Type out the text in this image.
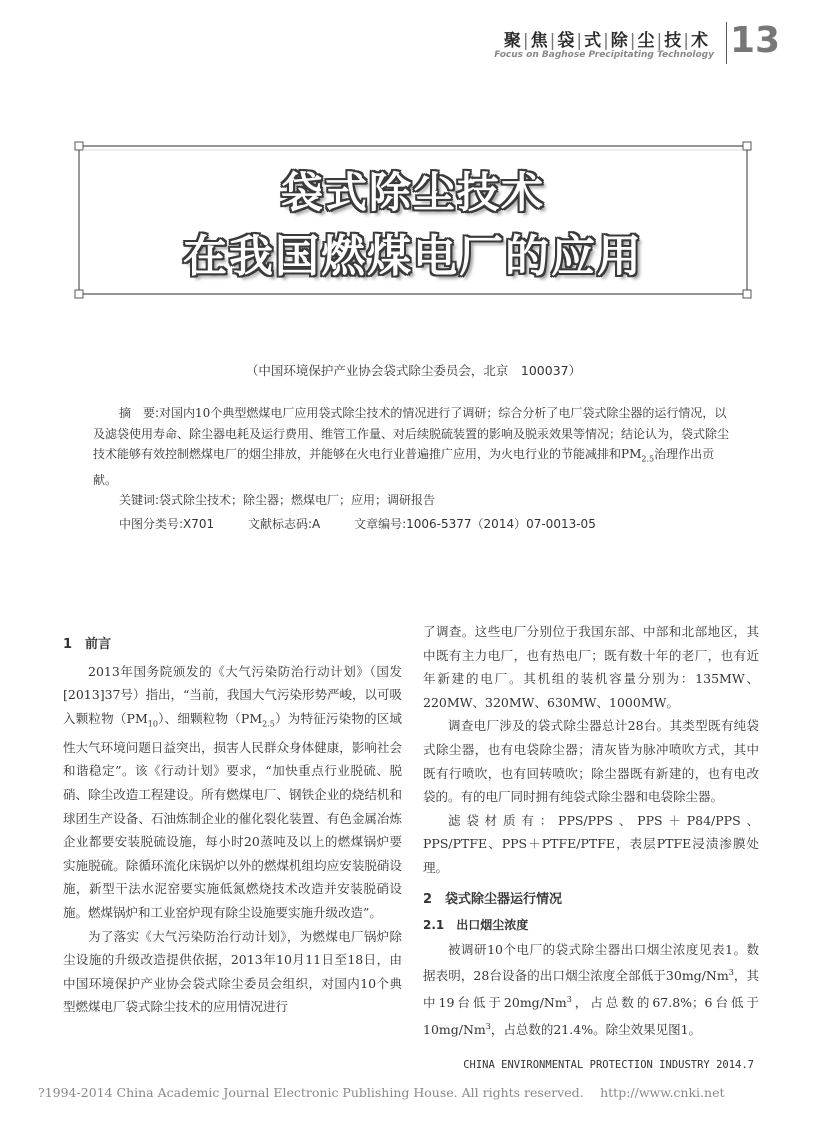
聚|焦|袋|式|除|尘|技|术
Focus on Baghose Precipitating Technology 13
袋式除尘技术
在我国燃煤电厂的应用
（中国环境保护产业协会袋式除尘委员会，北京　100037）

摘　要:对国内10个典型燃煤电厂应用袋式除尘技术的情况进行了调研；综合分析了电厂袋式除尘器的运行情况，以及滤袋使用寿命、除尘器电耗及运行费用、维管工作量、对后续脱硫装置的影响及脱汞效果等情况；结论认为，袋式除尘技术能够有效控制燃煤电厂的烟尘排放，并能够在火电行业普遍推广应用，为火电行业的节能减排和$PM_{2.5}$治理作出贡献。

关键词:袋式除尘技术；除尘器；燃煤电厂；应用；调研报告

中图分类号:X701	文献标志码:A	文章编号:1006-5377（2014）07-0013-05

1　前言

2013年国务院颁发的《大气污染防治行动计划》（国发[2013]37号）指出，“当前，我国大气污染形势严峻，以可吸入颗粒物$(PM_{10})$、细颗粒物$(PM_{2.5})$为特征污染物的区域性大气环境问题日益突出，损害人民群众身体健康，影响社会和谐稳定”。该《行动计划》要求，“加快重点行业脱硫、脱硝、除尘改造工程建设。所有燃煤电厂、钢铁企业的烧结机和球团生产设备、石油炼制企业的催化裂化装置、有色金属冶炼企业都要安装脱硫设施，每小时20蒸吨及以上的燃煤锅炉要实施脱硫。除循环流化床锅炉以外的燃煤机组均应安装脱硝设施，新型干法水泥窑要实施低氮燃烧技术改造并安装脱硝设施。燃煤锅炉和工业窑炉现有除尘设施要实施升级改造”。

为了落实《大气污染防治行动计划》，为燃煤电厂锅炉除尘设施的升级改造提供依据，2013年10月11日至18日，由中国环境保护产业协会袋式除尘委员会组织，对国内10个典型燃煤电厂袋式除尘技术的应用情况进行

了调查。这些电厂分别位于我国东部、中部和北部地区，其中既有主力电厂，也有热电厂；既有数十年的老厂，也有近年新建的电厂。其机组的装机容量分别为：135MW、220MW、320MW、630MW、1000MW。

调查电厂涉及的袋式除尘器总计28台。其类型既有纯袋式除尘器，也有电袋除尘器；清灰皆为脉冲喷吹方式，其中既有行喷吹，也有回转喷吹；除尘器既有新建的，也有电改袋的。有的电厂同时拥有纯袋式除尘器和电袋除尘器。

滤袋材质有：PPS/PPS、PPS＋P84/PPS、PPS/PTFE、PPS＋PTFE/PTFE，表层PTFE浸渍渗膜处理。

2　袋式除尘器运行情况

2.1　出口烟尘浓度

被调研10个电厂的袋式除尘器出口烟尘浓度见表1。数据表明，28台设备的出口烟尘浓度全部低于30mg/Nm$^3$，其中19台低于20mg/Nm$^3$，占总数的67.8%；6台低于10mg/Nm$^3$，占总数的21.4%。除尘效果见图1。

CHINA ENVIRONMENTAL PROTECTION INDUSTRY 2014.7
?1994-2014 China Academic Journal Electronic Publishing House. All rights reserved.　 http://www.cnki.net
